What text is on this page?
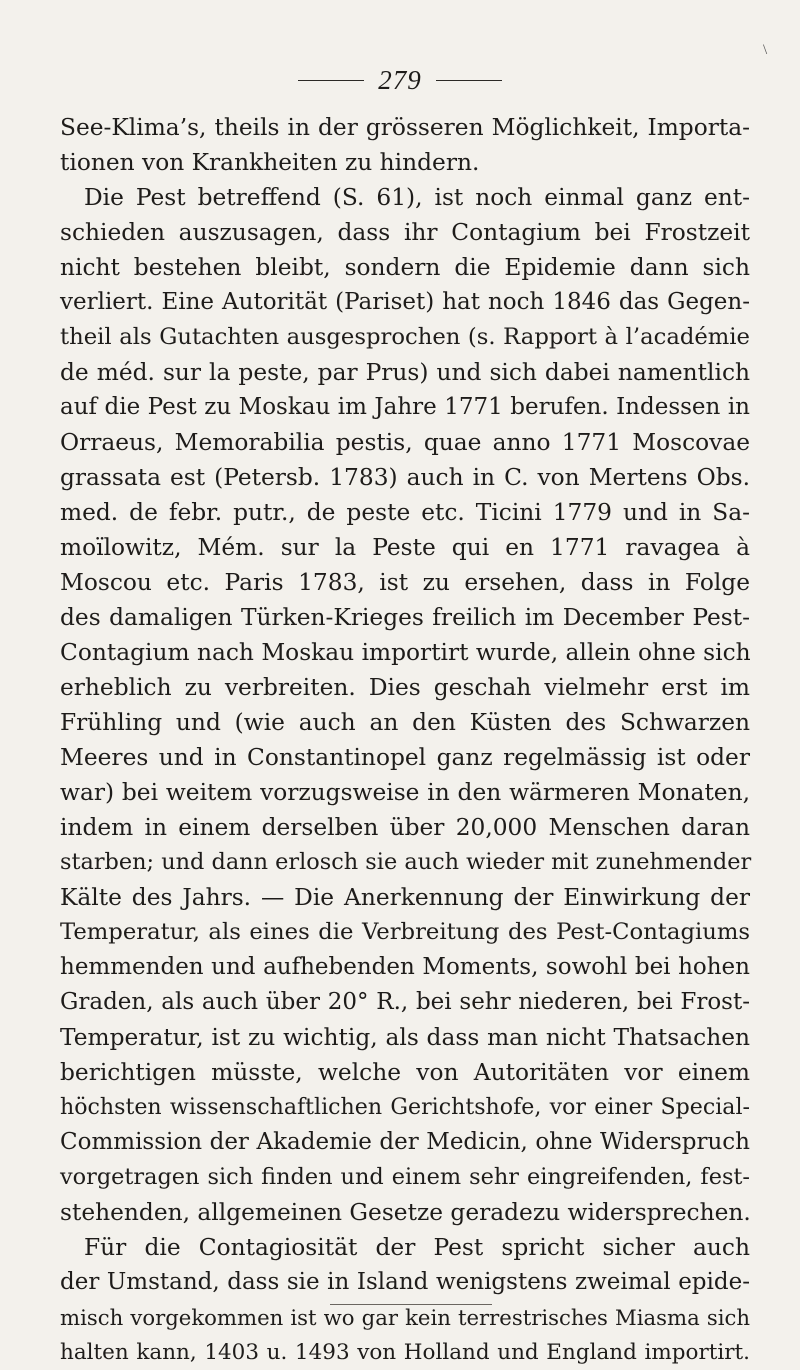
\
279
See-Klima’s, theils in der grösseren Möglichkeit, Importa-
tionen von Krankheiten zu hindern.
Die Pest betreffend (S. 61), ist noch einmal ganz ent-
schieden auszusagen, dass ihr Contagium bei Frostzeit
nicht bestehen bleibt, sondern die Epidemie dann sich
verliert. Eine Autorität (Pariset) hat noch 1846 das Gegen-
theil als Gutachten ausgesprochen (s. Rapport à l’académie
de méd. sur la peste, par Prus) und sich dabei namentlich
auf die Pest zu Moskau im Jahre 1771 berufen. Indessen in
Orraeus, Memorabilia pestis, quae anno 1771 Moscovae
grassata est (Petersb. 1783) auch in C. von Mertens Obs.
med. de febr. putr., de peste etc. Ticini 1779 und in Sa-
moïlowitz, Mém. sur la Peste qui en 1771 ravagea à
Moscou etc. Paris 1783, ist zu ersehen, dass in Folge
des damaligen Türken-Krieges freilich im December Pest-
Contagium nach Moskau importirt wurde, allein ohne sich
erheblich zu verbreiten. Dies geschah vielmehr erst im
Frühling und (wie auch an den Küsten des Schwarzen
Meeres und in Constantinopel ganz regelmässig ist oder
war) bei weitem vorzugsweise in den wärmeren Monaten,
indem in einem derselben über 20,000 Menschen daran
starben; und dann erlosch sie auch wieder mit zunehmender
Kälte des Jahrs. — Die Anerkennung der Einwirkung der
Temperatur, als eines die Verbreitung des Pest-Contagiums
hemmenden und aufhebenden Moments, sowohl bei hohen
Graden, als auch über 20° R., bei sehr niederen, bei Frost-
Temperatur, ist zu wichtig, als dass man nicht Thatsachen
berichtigen müsste, welche von Autoritäten vor einem
höchsten wissenschaftlichen Gerichtshofe, vor einer Special-
Commission der Akademie der Medicin, ohne Widerspruch
vorgetragen sich finden und einem sehr eingreifenden, fest-
stehenden, allgemeinen Gesetze geradezu widersprechen.
Für die Contagiosität der Pest spricht sicher auch
der Umstand, dass sie in Island wenigstens zweimal epide-
misch vorgekommen ist wo gar kein terrestrisches Miasma sich
halten kann, 1403 u. 1493 von Holland und England importirt.
